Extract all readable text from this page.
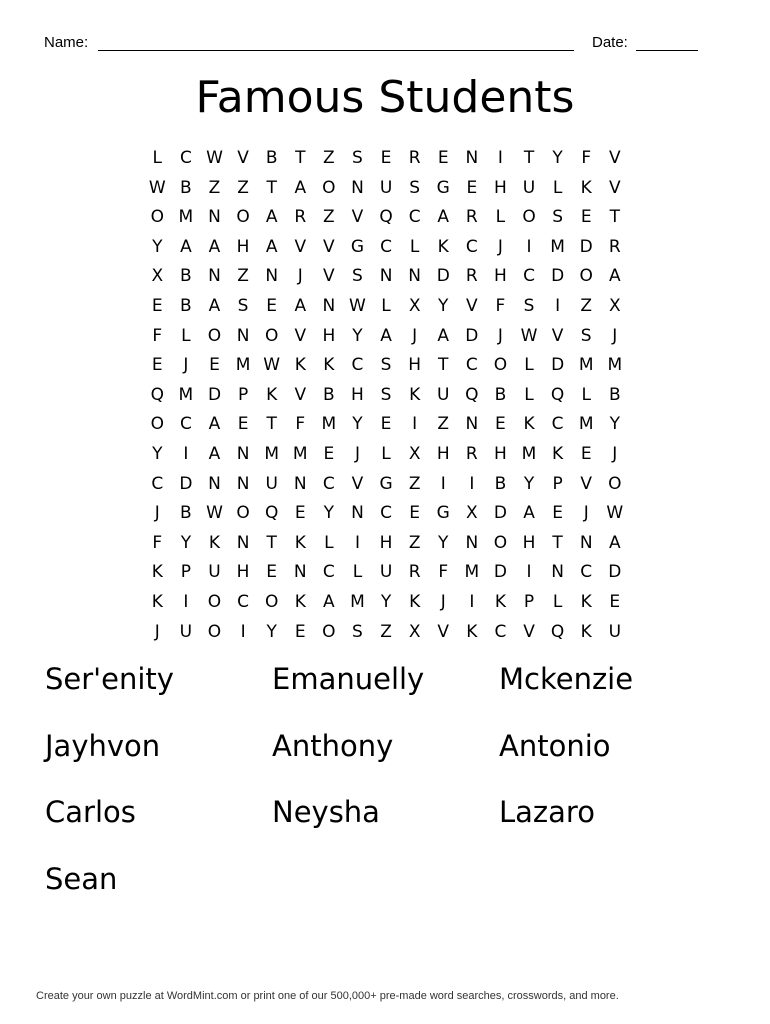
Name:	Date:
Famous Students
L	C W V B	T	Z	S	E	R	E N	I	T	Y	F	V
W B Z Z	T	A O N U S G E H U	L	K	V
O M N O A R Z V Q C A R	L	O S	E	T
Y	A A H A V V G C	L	K	C	J	I	M D R
X B N Z N	J	V	S N N D R H C D O A
E	B A	S	E	A N W L	X	Y	V	F	S	I	Z X
F	L	O N O V H	Y	A	J	A D	J	W V	S	J
E	J	E M W K	K	C	S H	T	C O	L	D M M
Q M D P	K	V B H S	K U Q B	L	Q	L	B
O C A	E	T	F M Y	E	I	Z N E	K	C M Y
Y	I	A N M M E	J	L	X H R H M K	E	J
C D N N U N C V G Z	I	I	B	Y	P	V O
J	B W O Q E	Y	N C	E G X D A	E	J	W
F	Y	K N	T	K	L	I	H Z	Y	N O H	T	N A
K	P	U H E N C	L	U R	F M D	I	N C D
K	I	O C O K	A M Y	K	J	I	K	P	L	K	E
J	U O	I	Y	E O S	Z X V	K	C V Q K U
Ser'enity	Emanuelly	Mckenzie
Jayhvon	Anthony	Antonio
Carlos	Neysha	Lazaro
Sean
Create your own puzzle at WordMint.com or print one of our 500,000+ pre-made word searches, crosswords, and more.
